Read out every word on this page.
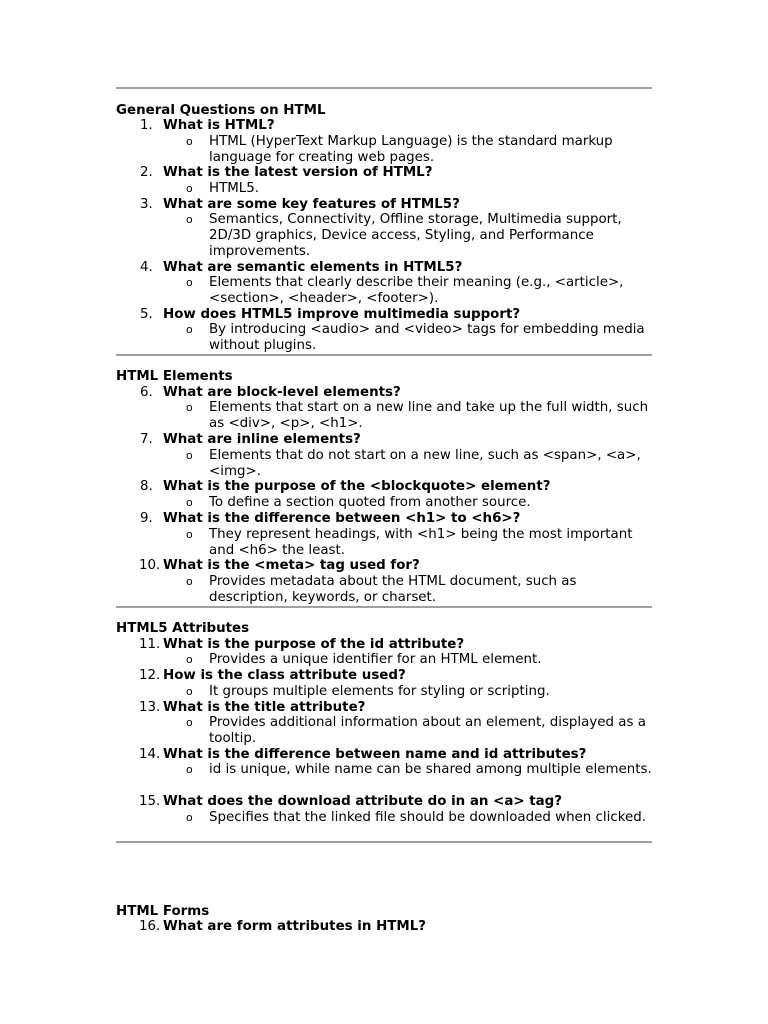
General Questions on HTML
1. What is HTML?
o HTML (HyperText Markup Language) is the standard markup language for creating web pages.
2. What is the latest version of HTML?
o HTML5.
3. What are some key features of HTML5?
o Semantics, Connectivity, Offline storage, Multimedia support, 2D/3D graphics, Device access, Styling, and Performance improvements.
4. What are semantic elements in HTML5?
o Elements that clearly describe their meaning (e.g., <article>, <section>, <header>, <footer>).
5. How does HTML5 improve multimedia support?
o By introducing <audio> and <video> tags for embedding media without plugins.
HTML Elements
6. What are block-level elements?
o Elements that start on a new line and take up the full width, such as <div>, <p>, <h1>.
7. What are inline elements?
o Elements that do not start on a new line, such as <span>, <a>, <img>.
8. What is the purpose of the <blockquote> element?
o To define a section quoted from another source.
9. What is the difference between <h1> to <h6>?
o They represent headings, with <h1> being the most important and <h6> the least.
10. What is the <meta> tag used for?
o Provides metadata about the HTML document, such as description, keywords, or charset.
HTML5 Attributes
11. What is the purpose of the id attribute?
o Provides a unique identifier for an HTML element.
12. How is the class attribute used?
o It groups multiple elements for styling or scripting.
13. What is the title attribute?
o Provides additional information about an element, displayed as a tooltip.
14. What is the difference between name and id attributes?
o id is unique, while name can be shared among multiple elements.
15. What does the download attribute do in an <a> tag?
o Specifies that the linked file should be downloaded when clicked.
HTML Forms
16. What are form attributes in HTML?
